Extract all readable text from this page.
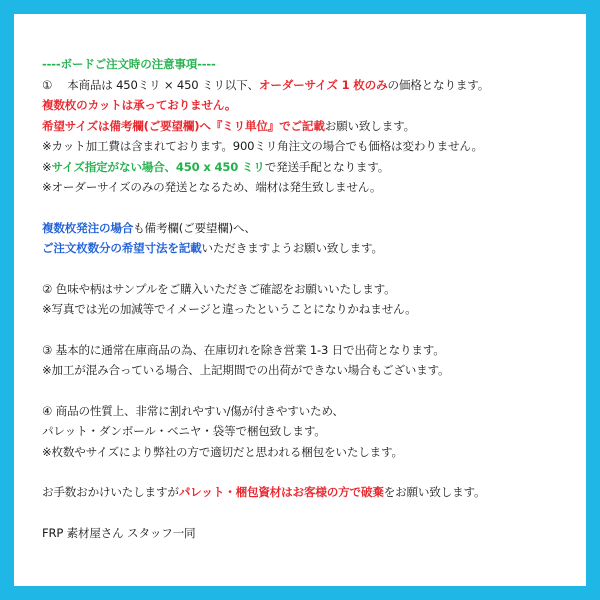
----ボードご注文時の注意事項----
①　 本商品は 450ミリ × 450 ミリ以下、オーダーサイズ 1 枚のみの価格となります。
複数枚のカットは承っておりません。
希望サイズは備考欄(ご要望欄)へ『ミリ単位』でご記載お願い致します。
※カット加工費は含まれております。900ミリ角注文の場合でも価格は変わりません。
※サイズ指定がない場合、450 x 450 ミリで発送手配となります。
※オーダーサイズのみの発送となるため、端材は発生致しません。
複数枚発注の場合も備考欄(ご要望欄)へ、
ご注文枚数分の希望寸法を記載いただきますようお願い致します。
② 色味や柄はサンプルをご購入いただきご確認をお願いいたします。
※写真では光の加減等でイメージと違ったということになりかねません。
③ 基本的に通常在庫商品の為、在庫切れを除き営業 1-3 日で出荷となります。
※加工が混み合っている場合、上記期間での出荷ができない場合もございます。
④ 商品の性質上、非常に割れやすい/傷が付きやすいため、
パレット・ダンボール・ベニヤ・袋等で梱包致します。
※枚数やサイズにより弊社の方で適切だと思われる梱包をいたします。
お手数おかけいたしますがパレット・梱包資材はお客様の方で破棄をお願い致します。
FRP 素材屋さん スタッフ一同
